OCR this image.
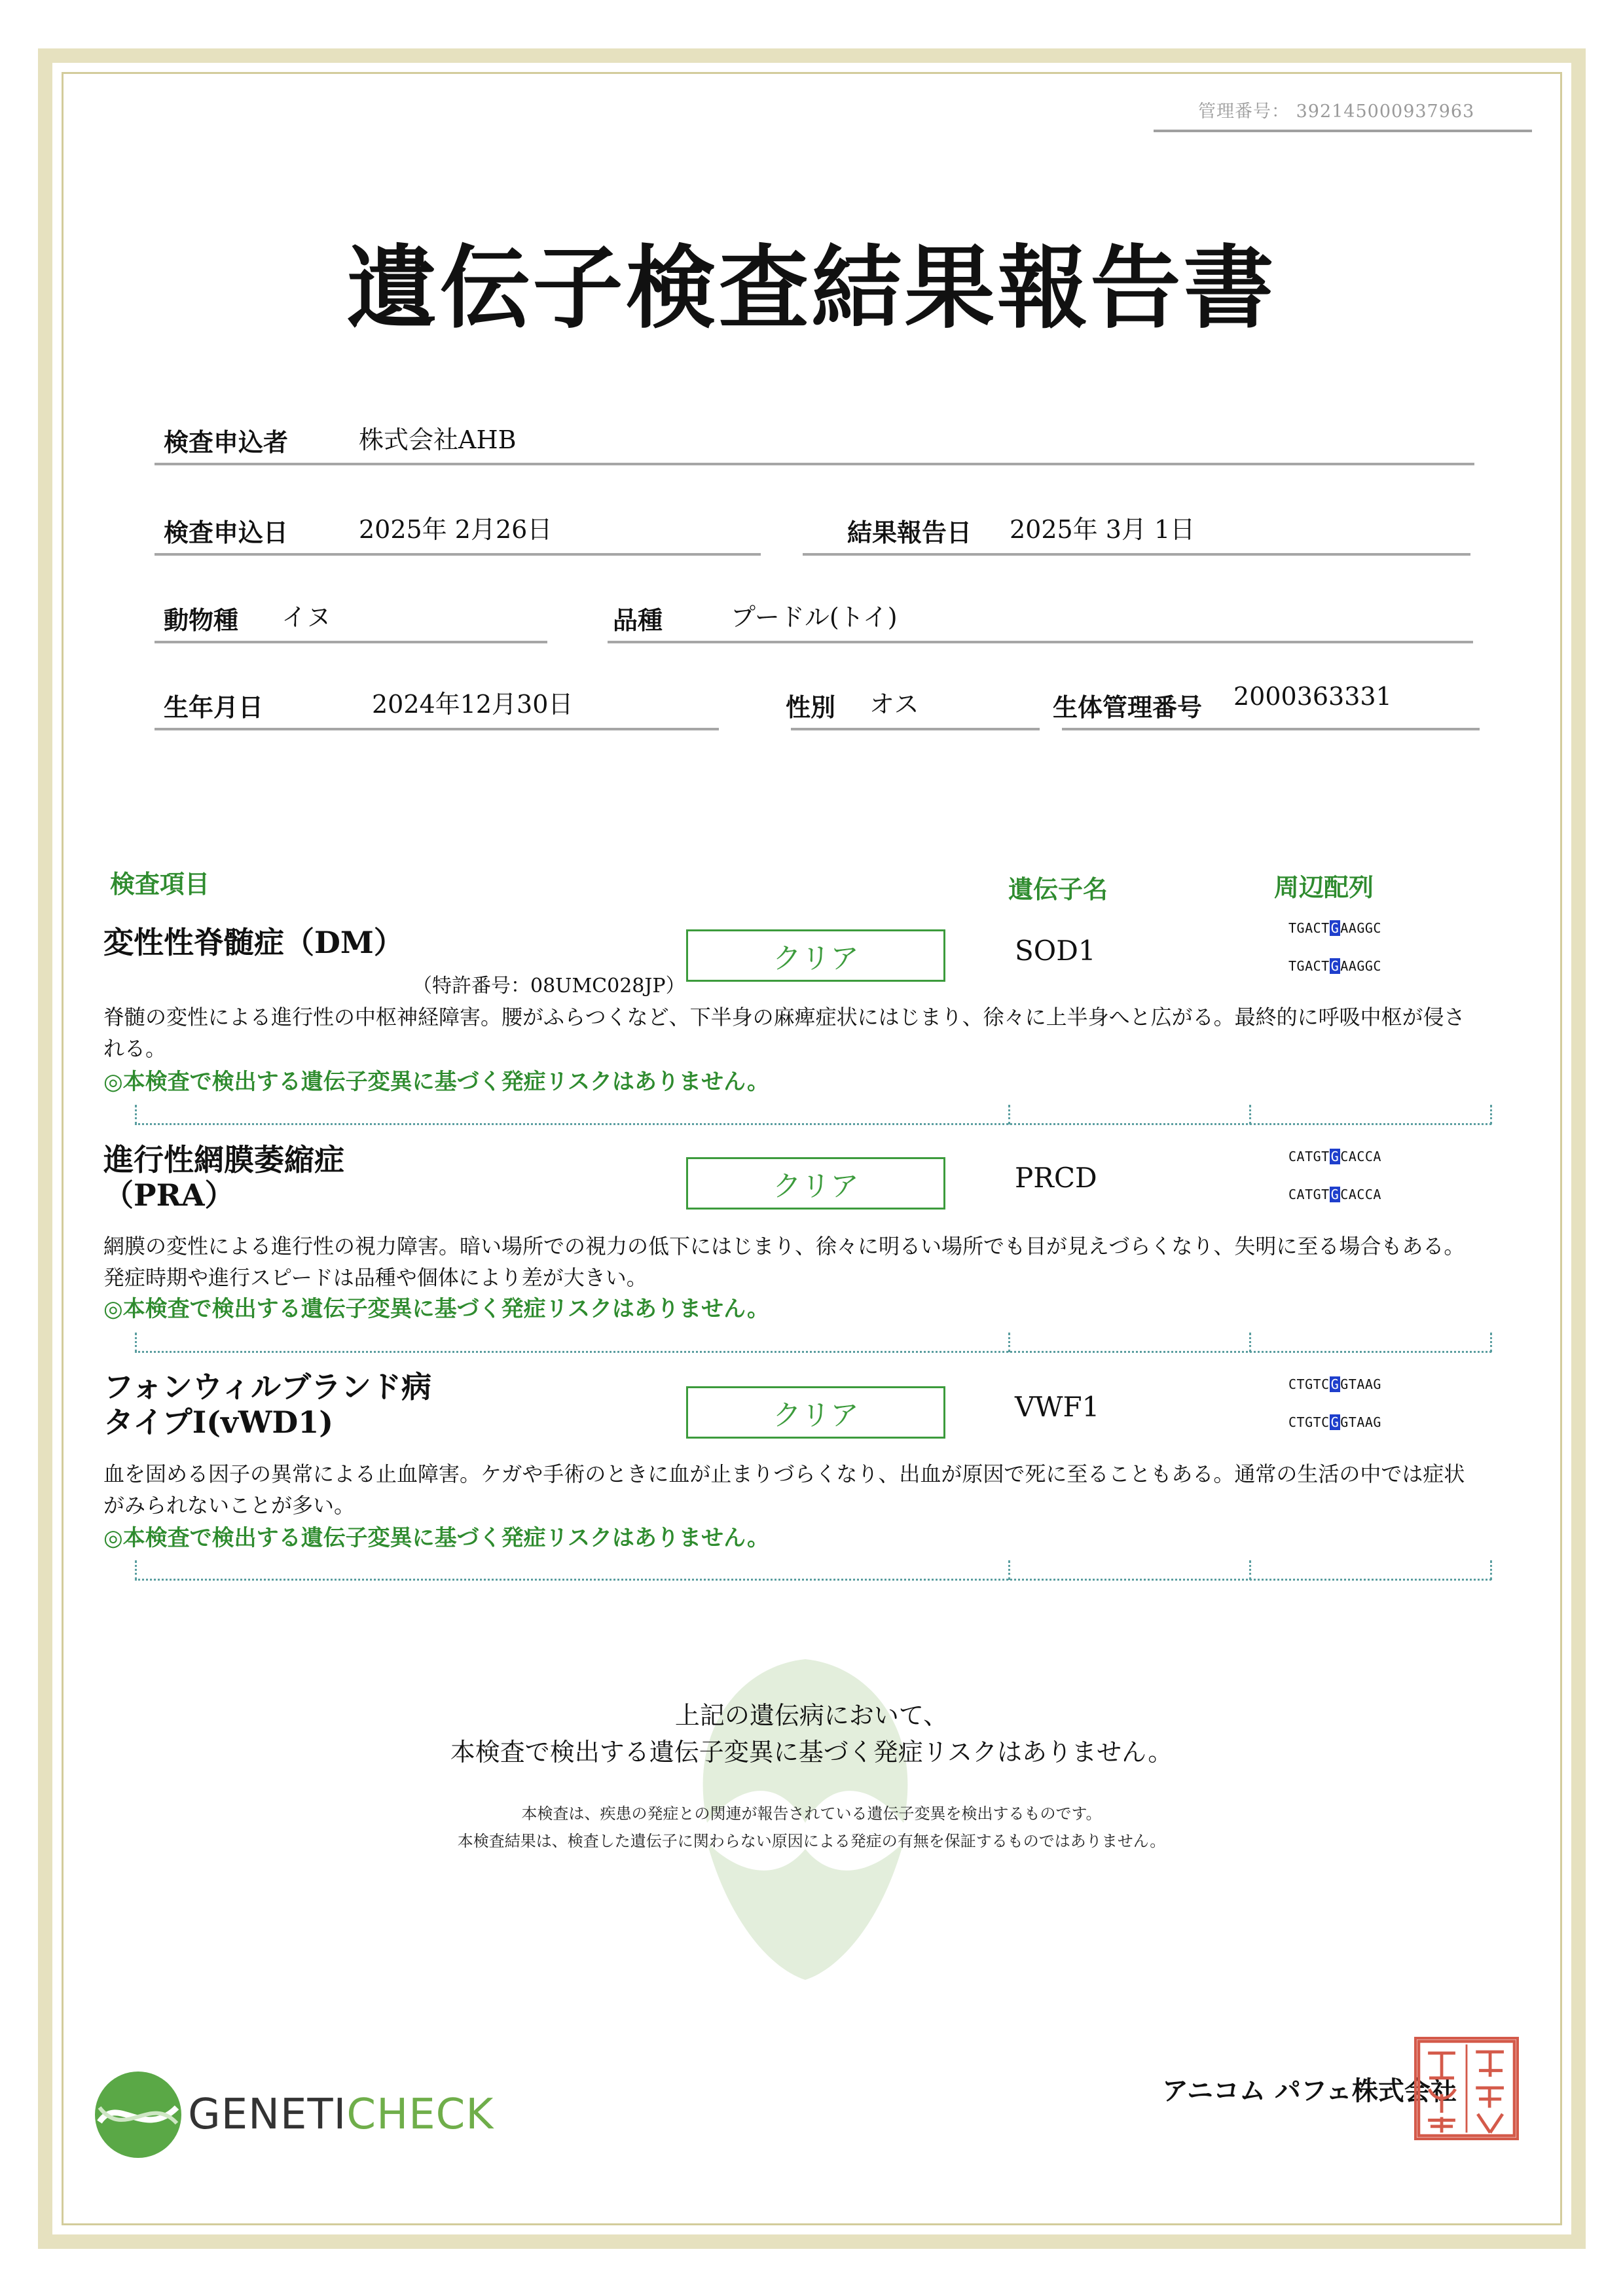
管理番号： 392145000937963
遺伝子検査結果報告書
検査申込者	株式会社AHB
検査申込日	2025年 2月26日	結果報告日 2025年 3月 1日
動物種 イヌ	品種	プードル(トイ)
生年月日	2024年12月30日	性別 オス	生体管理番号 2000363331
検査項目	遺伝子名	周辺配列
変性性脊髄症（DM）
（特許番号：08UMC028JP）
クリア	SOD1
TGACT G AAGGC
TGACT G AAGGC
脊髄の変性による進行性の中枢神経障害。腰がふらつくなど、下半身の麻痺症状にはじまり、徐々に上半身へと広がる。最終的に呼吸中枢が侵さ
れる。
◎本検査で検出する遺伝子変異に基づく発症リスクはありません。
進行性網膜萎縮症
（PRA）	クリア	PRCD
CATGT G CACCA
CATGT G CACCA
網膜の変性による進行性の視力障害。暗い場所での視力の低下にはじまり、徐々に明るい場所でも目が見えづらくなり、失明に至る場合もある。
発症時期や進行スピードは品種や個体により差が大きい。
◎本検査で検出する遺伝子変異に基づく発症リスクはありません。
フォンウィルブランド病
タイプⅠ(vWD1)	クリア	VWF1
CTGTC G GTAAG
CTGTC G GTAAG
血を固める因子の異常による止血障害。ケガや手術のときに血が止まりづらくなり、出血が原因で死に至ることもある。通常の生活の中では症状
がみられないことが多い。
◎本検査で検出する遺伝子変異に基づく発症リスクはありません。
上記の遺伝病において、
本検査で検出する遺伝子変異に基づく発症リスクはありません。
本検査は、疾患の発症との関連が報告されている遺伝子変異を検出するものです。
本検査結果は、検査した遺伝子に関わらない原因による発症の有無を保証するものではありません。
GENETICHECK	アニコム パフェ株式会社
